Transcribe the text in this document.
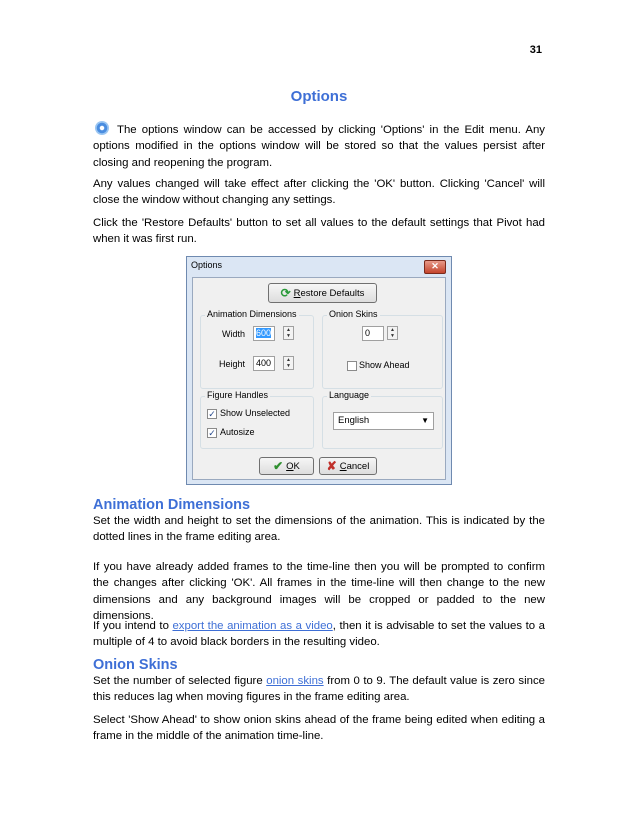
31
Options
The options window can be accessed by clicking 'Options' in the Edit menu. Any options modified in the options window will be stored so that the values persist after closing and reopening the program.
Any values changed will take effect after clicking the 'OK' button. Clicking 'Cancel' will close the window without changing any settings.
Click the 'Restore Defaults' button to set all values to the default settings that Pivot had when it was first run.
Options	✕
⟳ R estore Defaults
Animation Dimensions
Width	600	▲
▼
Height	400	▲
▼
Onion Skins
0	▲
▼
Show Ahead
Figure Handles
✓ Show Unselected
✓ Autosize
Language
English	▼
✔ O K ✘ C ancel
Animation Dimensions
Set the width and height to set the dimensions of the animation. This is indicated by the dotted lines in the frame editing area.
If you have already added frames to the time-line then you will be prompted to confirm the changes after clicking 'OK'. All frames in the time-line will then change to the new dimensions and any background images will be cropped or padded to the new dimensions.
If you intend to export the animation as a video, then it is advisable to set the values to a multiple of 4 to avoid black borders in the resulting video.
Onion Skins
Set the number of selected figure onion skins from 0 to 9. The default value is zero since this reduces lag when moving figures in the frame editing area.
Select 'Show Ahead' to show onion skins ahead of the frame being edited when editing a frame in the middle of the animation time-line.
